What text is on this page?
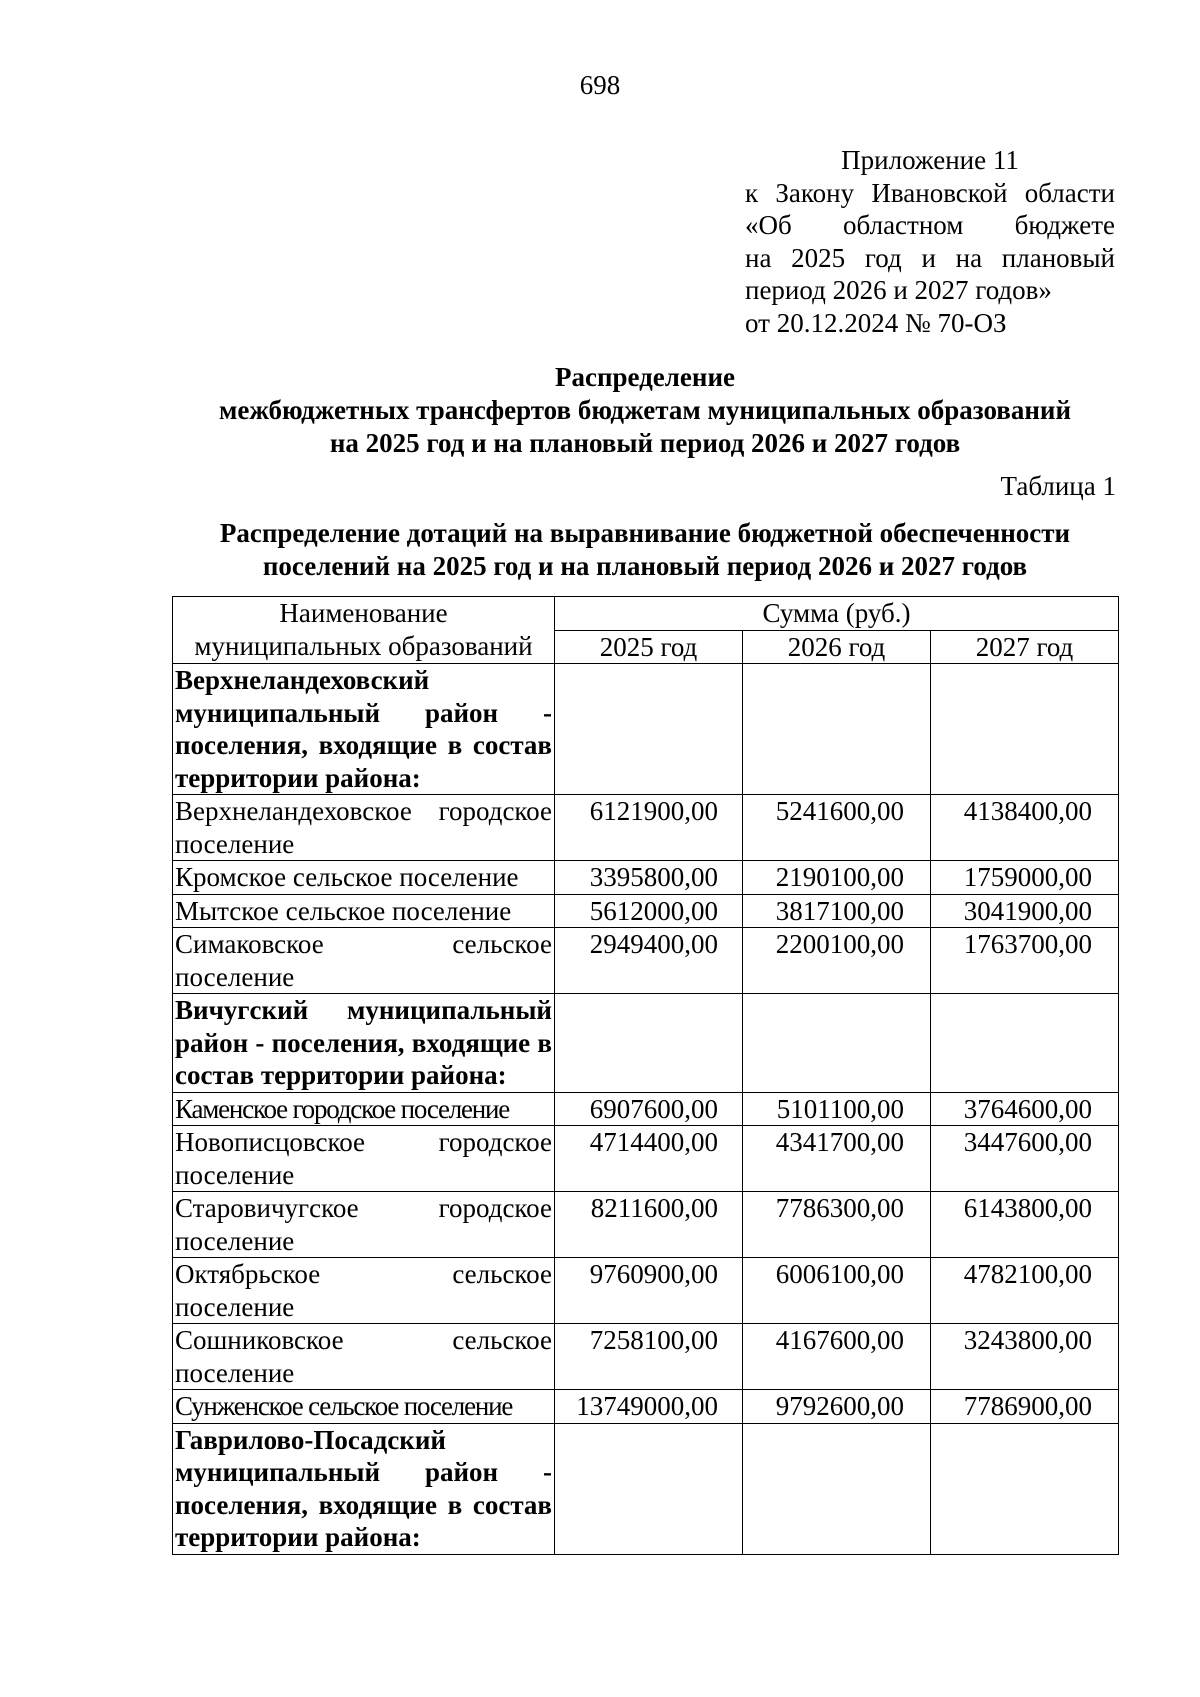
698
Приложение 11
к Закону Ивановской области
«Об областном бюджете
на 2025 год и на плановый
период 2026 и 2027 годов»
от 20.12.2024 № 70-ОЗ
Распределение
межбюджетных трансфертов бюджетам муниципальных образований
на 2025 год и на плановый период 2026 и 2027 годов
Таблица 1
Распределение дотаций на выравнивание бюджетной обеспеченности
поселений на 2025 год и на плановый период 2026 и 2027 годов
Наименование
муниципальных образований	Сумма (руб.)		
	2025 год	2026 год	2027 год
Верхнеландеховский муниципальный район - поселения, входящие в состав территории района:			
Верхнеландеховское городское поселение	6121900,00	5241600,00	4138400,00
Кромское сельское поселение	3395800,00	2190100,00	1759000,00
Мытское сельское поселение	5612000,00	3817100,00	3041900,00
Симаковское сельское поселение	2949400,00	2200100,00	1763700,00
Вичугский муниципальный район - поселения, входящие в состав территории района:			
Каменское городское поселение	6907600,00	5101100,00	3764600,00
Новописцовское городское поселение	4714400,00	4341700,00	3447600,00
Старовичугское городское поселение	8211600,00	7786300,00	6143800,00
Октябрьское сельское поселение	9760900,00	6006100,00	4782100,00
Сошниковское сельское поселение	7258100,00	4167600,00	3243800,00
Сунженское сельское поселение	13749000,00	9792600,00	7786900,00
Гаврилово-Посадский муниципальный район - поселения, входящие в состав территории района:			
